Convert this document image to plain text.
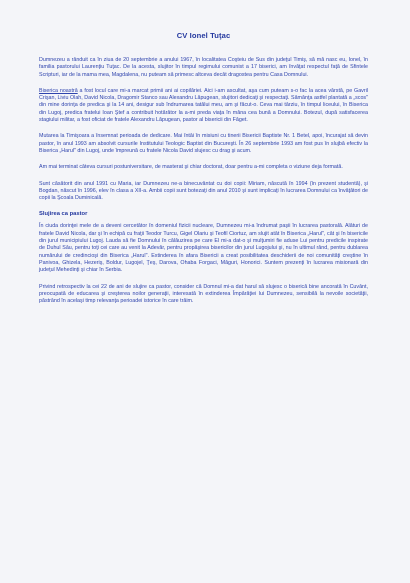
CV Ionel Tuţac

Dumnezeu a rânduit ca în ziua de 20 septembrie a anului 1967, în localitatea Coşteiu de Sus din judeţul Timiş, să mă nasc eu, Ionel, în familia pastorului Laurenţiu Tuţac. De la acesta, slujitor în timpul regimului comunist a 17 biserici, am învăţat respectul faţă de Sfintele Scripturi, iar de la mama mea, Magdalena, nu puteam să primesc altceva decât dragostea pentru Casa Domnului.

Biserica noastră a fost locul care mi-a marcat primii ani ai copilăriei. Aici i-am ascultat, aşa cum puteam s-o fac la acea vârstă, pe Gavril Crişan, Liviu Olah, David Nicola, Dragomir Stanco sau Alexandru Lăpugean, slujitori dedicaţi şi respectaţi. Sămânţa astfel plantată a „scos" din mine dorinţa de predica şi la 14 ani, desigur sub îndrumarea tatălui meu, am şi făcut-o. Ceva mai târziu, în timpul liceului, în Biserica din Lugoj, predica fratelui Ioan Ştef a contribuit hotărâtor la a-mi preda viaţa în mâna cea bună a Domnului. Botezul, după satisfacerea stagiului militar, a fost oficiat de fratele Alexandru Lăpugean, pastor al bisericii din Făget.

Mutarea la Timişoara a însemnat perioada de dedicare. Mai întâi în misiuni cu tinerii Bisericii Baptiste Nr. 1 Betel, apoi, încurajat să devin pastor, în anul 1993 am absolvit cursurile Institutului Teologic Baptist din Bucureşti. În 26 septembrie 1993 am fost pus în slujbă efectiv la Biserica „Harul" din Lugoj, unde împreună cu fratele Nicola David slujesc cu drag şi acum.

Am mai terminat câteva cursuri postuniversitare, de masterat şi chiar doctorat, doar pentru a-mi completa o viziune deja formată.

Sunt căsătorit din anul 1991 cu Maria, iar Dumnezeu ne-a binecuvântat cu doi copii: Miriam, născută în 1994 (în prezent studentă), şi Bogdan, născut în 1996, elev în clasa a XII-a. Ambii copii sunt botezaţi din anul 2010 şi sunt implicaţi în lucrarea Domnului ca învăţători de copii la Şcoala Duminicală.

Slujirea ca pastor

În ciuda dorinţei mele de a deveni cercetător în domeniul fizicii nucleare, Dumnezeu mi-a îndrumat paşii în lucrarea pastorală. Alături de fratele David Nicola, dar şi în echipă cu fraţii Teodor Turcu, Gigel Olariu şi Teofil Ciortuz, am slujit atât în Biserica „Harul", cât şi în bisericile din jurul municipiului Lugoj. Lauda să fie Domnului în călăuzirea pe care El mi-a dat-o şi mulţumiri fie aduse Lui pentru predicile inspirate de Duhul Său, pentru toţi cei care au venit la Adevăr, pentru propăşirea bisericilor din jurul Lugojului şi, nu în ultimul rând, pentru dublarea numărului de credincioşi din Biserica „Harul". Extinderea în afara Bisericii a creat posibilitatea deschiderii de noi comunităţi creştine în Panivoa, Ghizela, Hezeriş, Boldur, Lugojel, Ţeş, Darova, Ohaba Forgaci, Măguri, Honorici. Suntem prezenţi în lucrarea misionară din judeţul Mehedinţi şi chiar în Serbia.

Privind retrospectiv la cei 22 de ani de slujire ca pastor, consider că Domnul mi-a dat harul să slujesc o biserică bine ancorată în Cuvânt, preocupată de educarea şi creşterea noilor generaţii, interesată în extinderea Împărăţiei lui Dumnezeu, sensibilă la nevoile societăţii, păstrând în acelaşi timp relevanţa perioadei istorice în care trăim.
